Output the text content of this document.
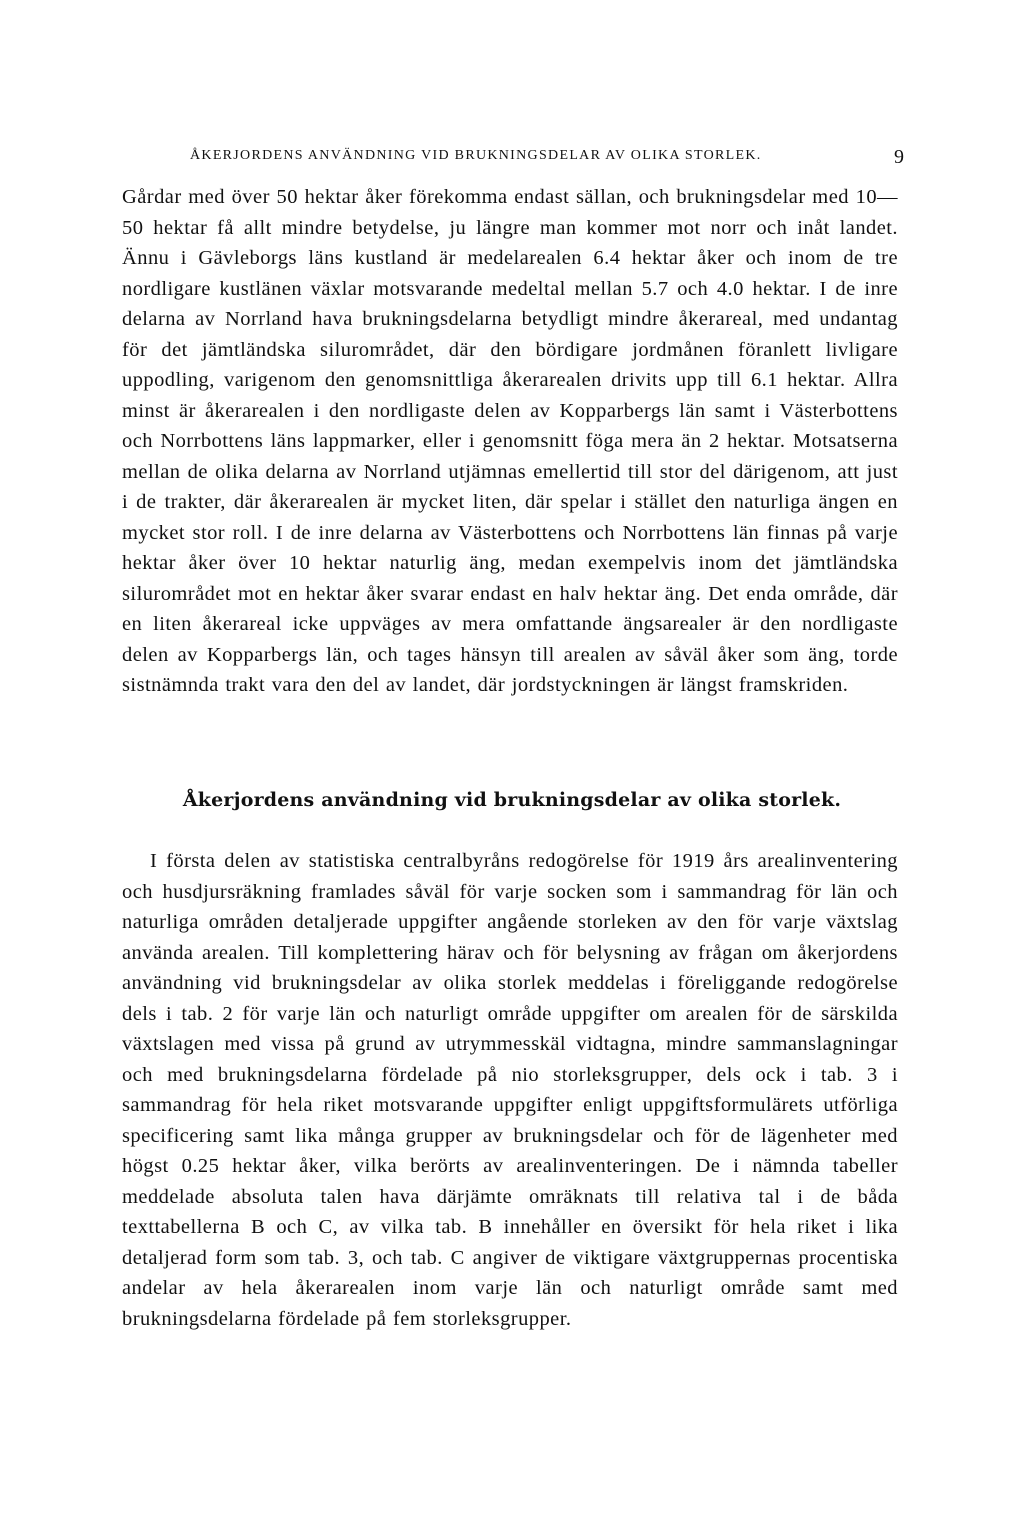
ÅKERJORDENS ANVÄNDNING VID BRUKNINGSDELAR AV OLIKA STORLEK.	9

Gårdar med över 50 hektar åker förekomma endast sällan, och brukningsdelar med 10—50 hektar få allt mindre betydelse, ju längre man kommer mot norr och inåt landet. Ännu i Gävleborgs läns kustland är medelarealen 6.4 hektar åker och inom de tre nordligare kustlänen växlar motsvarande medeltal mellan 5.7 och 4.0 hektar. I de inre delarna av Norrland hava brukningsdelarna betydligt mindre åkerareal, med undantag för det jämtländska silurområdet, där den bördigare jordmånen föranlett livligare uppodling, varigenom den genomsnittliga åkerarealen drivits upp till 6.1 hektar. Allra minst är åkerarealen i den nordligaste delen av Kopparbergs län samt i Västerbottens och Norrbottens läns lappmarker, eller i genomsnitt föga mera än 2 hektar. Motsatserna mellan de olika delarna av Norrland utjämnas emellertid till stor del därigenom, att just i de trakter, där åkerarealen är mycket liten, där spelar i stället den naturliga ängen en mycket stor roll. I de inre delarna av Västerbottens och Norrbottens län finnas på varje hektar åker över 10 hektar naturlig äng, medan exempelvis inom det jämtländska silurområdet mot en hektar åker svarar endast en halv hektar äng. Det enda område, där en liten åkerareal icke uppväges av mera omfattande ängsarealer är den nordligaste delen av Kopparbergs län, och tages hänsyn till arealen av såväl åker som äng, torde sistnämnda trakt vara den del av landet, där jordstyckningen är längst framskriden.

Åkerjordens användning vid brukningsdelar av olika storlek.

I första delen av statistiska centralbyråns redogörelse för 1919 års arealinventering och husdjursräkning framlades såväl för varje socken som i sammandrag för län och naturliga områden detaljerade uppgifter angående storleken av den för varje växtslag använda arealen. Till komplettering härav och för belysning av frågan om åkerjordens användning vid brukningsdelar av olika storlek meddelas i föreliggande redogörelse dels i tab. 2 för varje län och naturligt område uppgifter om arealen för de särskilda växtslagen med vissa på grund av utrymmesskäl vidtagna, mindre sammanslagningar och med brukningsdelarna fördelade på nio storleksgrupper, dels ock i tab. 3 i sammandrag för hela riket motsvarande uppgifter enligt uppgiftsformulärets utförliga specificering samt lika många grupper av brukningsdelar och för de lägenheter med högst 0.25 hektar åker, vilka berörts av arealinventeringen. De i nämnda tabeller meddelade absoluta talen hava därjämte omräknats till relativa tal i de båda texttabellerna B och C, av vilka tab. B innehåller en översikt för hela riket i lika detaljerad form som tab. 3, och tab. C angiver de viktigare växtgruppernas procentiska andelar av hela åkerarealen inom varje län och naturligt område samt med brukningsdelarna fördelade på fem storleksgrupper.
